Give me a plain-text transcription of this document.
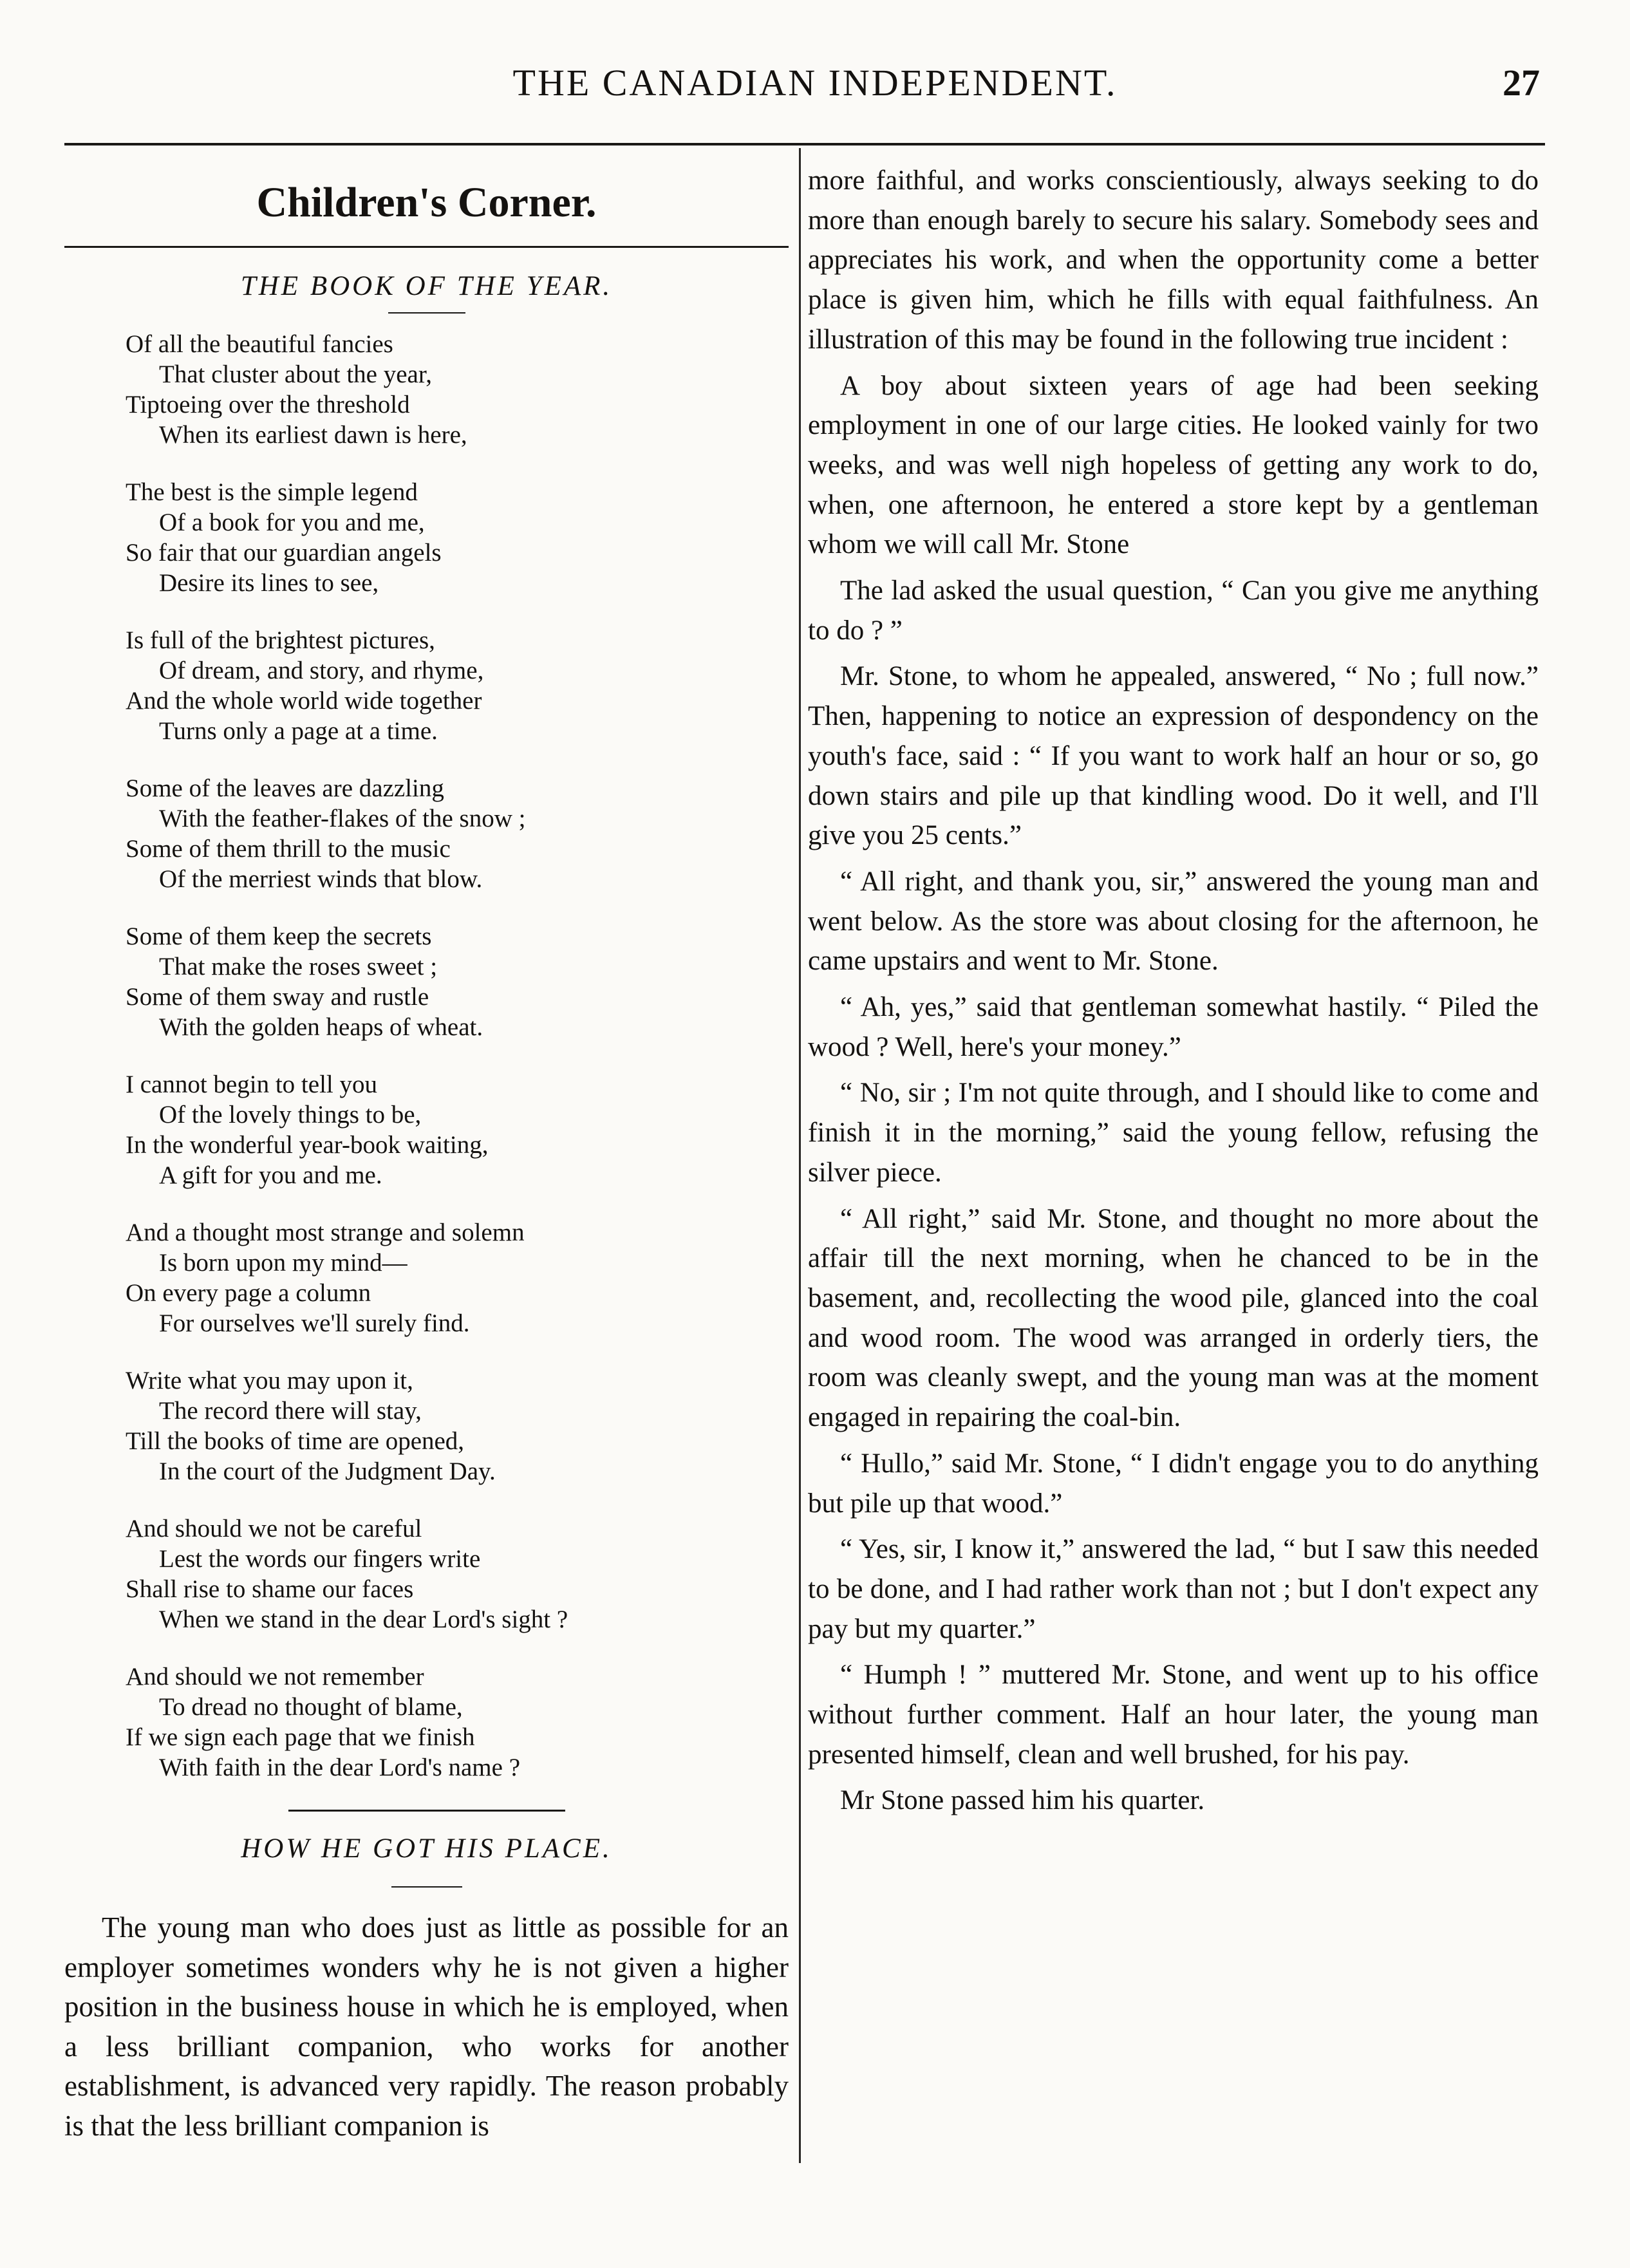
THE CANADIAN INDEPENDENT.	27
Children's Corner.
THE BOOK OF THE YEAR.
Of all the beautiful fancies
That cluster about the year,
Tiptoeing over the threshold
When its earliest dawn is here,
The best is the simple legend
Of a book for you and me,
So fair that our guardian angels
Desire its lines to see,
Is full of the brightest pictures,
Of dream, and story, and rhyme,
And the whole world wide together
Turns only a page at a time.
Some of the leaves are dazzling
With the feather-flakes of the snow ;
Some of them thrill to the music
Of the merriest winds that blow.
Some of them keep the secrets
That make the roses sweet ;
Some of them sway and rustle
With the golden heaps of wheat.
I cannot begin to tell you
Of the lovely things to be,
In the wonderful year-book waiting,
A gift for you and me.
And a thought most strange and solemn
Is born upon my mind—
On every page a column
For ourselves we'll surely find.
Write what you may upon it,
The record there will stay,
Till the books of time are opened,
In the court of the Judgment Day.
And should we not be careful
Lest the words our fingers write
Shall rise to shame our faces
When we stand in the dear Lord's sight ?
And should we not remember
To dread no thought of blame,
If we sign each page that we finish
With faith in the dear Lord's name ?
HOW HE GOT HIS PLACE.
The young man who does just as little as possible for an employer sometimes wonders why he is not given a higher position in the business house in which he is employed, when a less brilliant companion, who works for another establishment, is advanced very rapidly. The reason probably is that the less brilliant companion is

more faithful, and works conscientiously, always seeking to do more than enough barely to secure his salary. Somebody sees and appreciates his work, and when the opportunity come a better place is given him, which he fills with equal faithfulness. An illustration of this may be found in the following true incident :

A boy about sixteen years of age had been seeking employment in one of our large cities. He looked vainly for two weeks, and was well nigh hopeless of getting any work to do, when, one afternoon, he entered a store kept by a gentleman whom we will call Mr. Stone

The lad asked the usual question, “ Can you give me anything to do ? ”

Mr. Stone, to whom he appealed, answered, “ No ; full now.” Then, happening to notice an expression of despondency on the youth's face, said : “ If you want to work half an hour or so, go down stairs and pile up that kindling wood. Do it well, and I'll give you 25 cents.”

“ All right, and thank you, sir,” answered the young man and went below. As the store was about closing for the afternoon, he came upstairs and went to Mr. Stone.

“ Ah, yes,” said that gentleman somewhat hastily. “ Piled the wood ? Well, here's your money.”

“ No, sir ; I'm not quite through, and I should like to come and finish it in the morning,” said the young fellow, refusing the silver piece.

“ All right,” said Mr. Stone, and thought no more about the affair till the next morning, when he chanced to be in the basement, and, recollecting the wood pile, glanced into the coal and wood room. The wood was arranged in orderly tiers, the room was cleanly swept, and the young man was at the moment engaged in repairing the coal-bin.

“ Hullo,” said Mr. Stone, “ I didn't engage you to do anything but pile up that wood.”

“ Yes, sir, I know it,” answered the lad, “ but I saw this needed to be done, and I had rather work than not ; but I don't expect any pay but my quarter.”

“ Humph ! ” muttered Mr. Stone, and went up to his office without further comment. Half an hour later, the young man presented himself, clean and well brushed, for his pay.

Mr Stone passed him his quarter.
